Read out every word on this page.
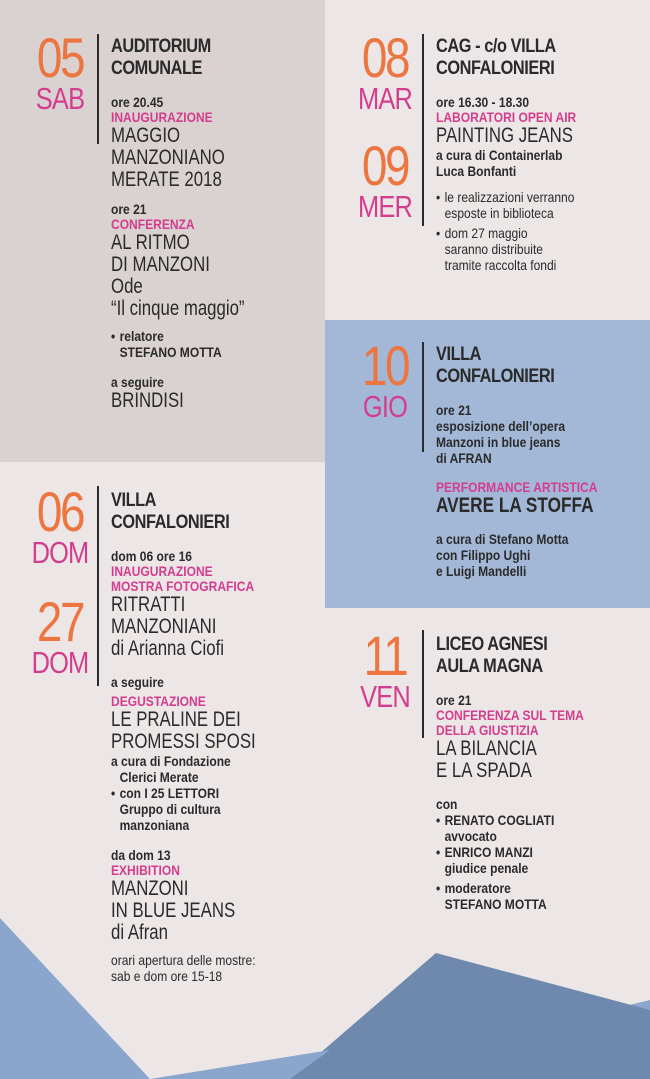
05
SAB
AUDITORIUM
COMUNALE
ore 20.45
INAUGURAZIONE
MAGGIO
MANZONIANO
MERATE 2018
ore 21
CONFERENZA
AL RITMO
DI MANZONI
Ode
“Il cinque maggio”
• relatore
STEFANO MOTTA
a seguire
BRINDISI
06
DOM
27
DOM
VILLA
CONFALONIERI
dom 06 ore 16
INAUGURAZIONE
MOSTRA FOTOGRAFICA
RITRATTI
MANZONIANI
di Arianna Ciofi
a seguire
DEGUSTAZIONE
LE PRALINE DEI
PROMESSI SPOSI
a cura di Fondazione
Clerici Merate
• con I 25 LETTORI
Gruppo di cultura
manzoniana
da dom 13
EXHIBITION
MANZONI
IN BLUE JEANS
di Afran
orari apertura delle mostre:
sab e dom ore 15-18
08
MAR
09
MER
CAG - c/o VILLA
CONFALONIERI
ore 16.30 - 18.30
LABORATORI OPEN AIR
PAINTING JEANS
a cura di Containerlab
Luca Bonfanti
• le realizzazioni verranno
esposte in biblioteca
• dom 27 maggio
saranno distribuite
tramite raccolta fondi
10
GIO
VILLA
CONFALONIERI
ore 21
esposizione dell’opera
Manzoni in blue jeans
di AFRAN
PERFORMANCE ARTISTICA
AVERE LA STOFFA
a cura di Stefano Motta
con Filippo Ughi
e Luigi Mandelli
11
VEN
LICEO AGNESI
AULA MAGNA
ore 21
CONFERENZA SUL TEMA
DELLA GIUSTIZIA
LA BILANCIA
E LA SPADA
con
• RENATO COGLIATI
avvocato
• ENRICO MANZI
giudice penale
• moderatore
STEFANO MOTTA
